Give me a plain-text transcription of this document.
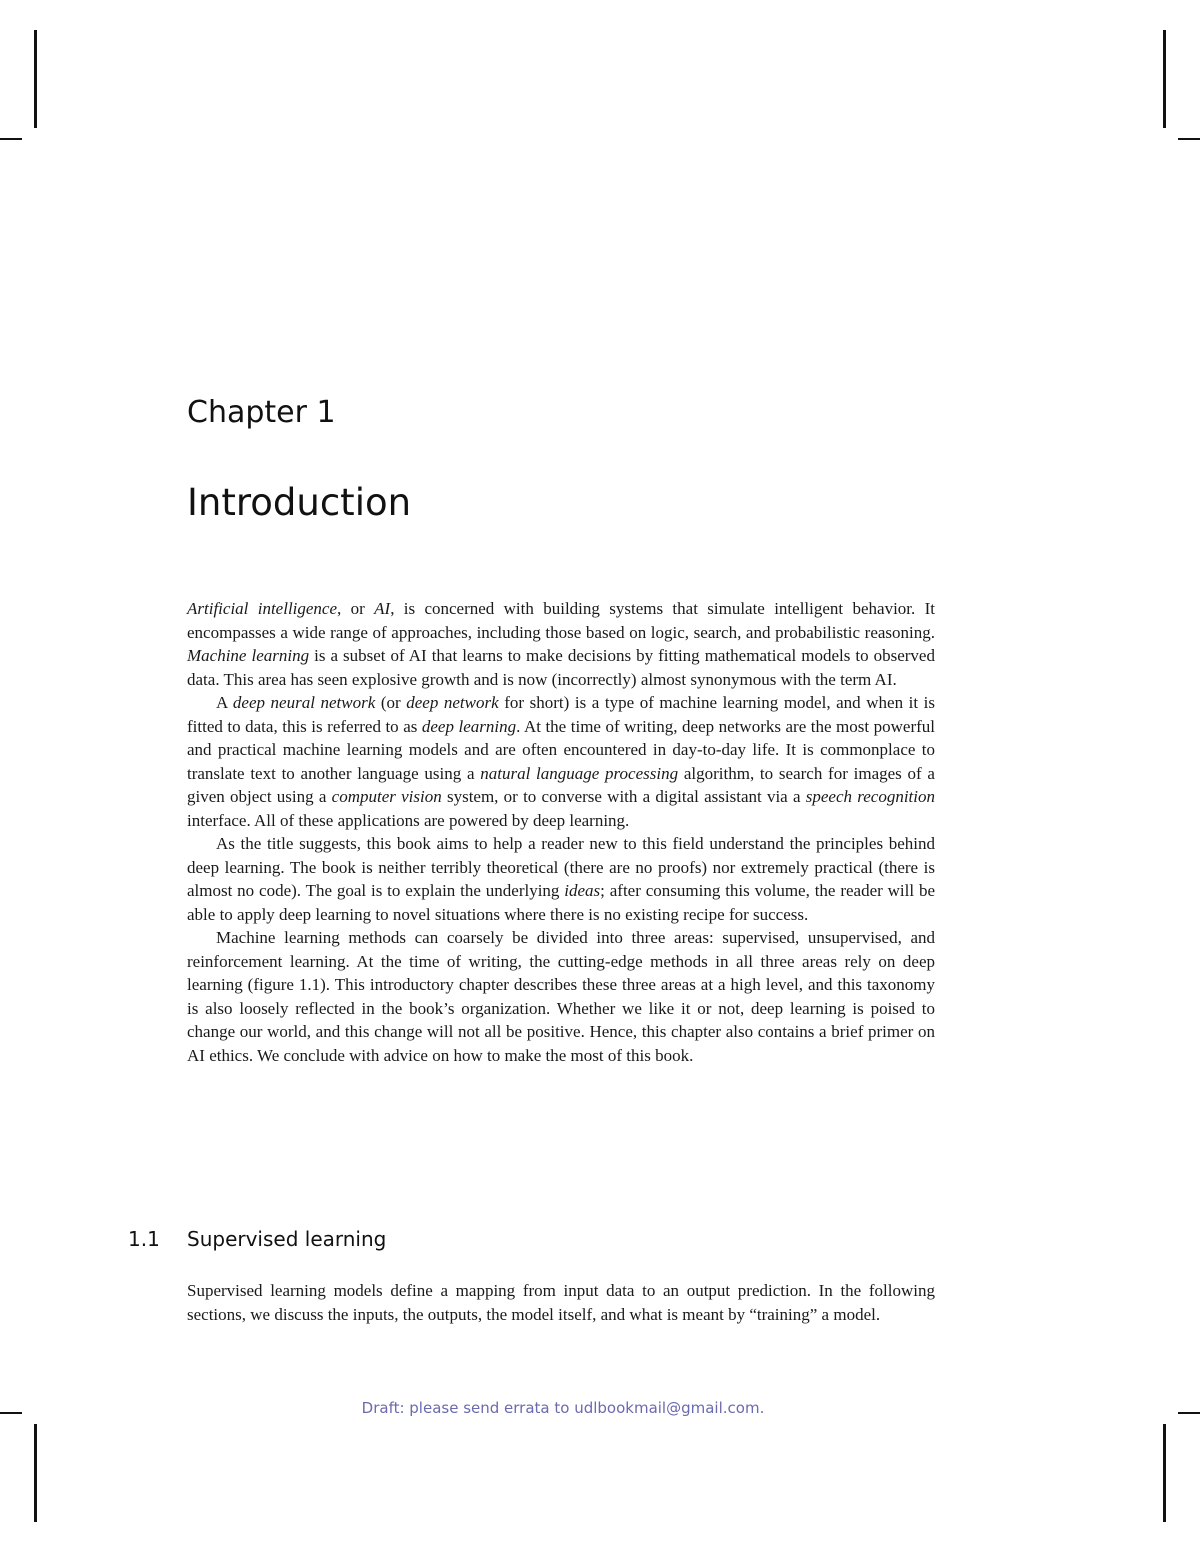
Chapter 1
Introduction

Artificial intelligence, or AI, is concerned with building systems that simulate intelligent behavior. It encompasses a wide range of approaches, including those based on logic, search, and probabilistic reasoning. Machine learning is a subset of AI that learns to make decisions by fitting mathematical models to observed data. This area has seen explosive growth and is now (incorrectly) almost synonymous with the term AI.

A deep neural network (or deep network for short) is a type of machine learning model, and when it is fitted to data, this is referred to as deep learning. At the time of writing, deep networks are the most powerful and practical machine learning models and are often encountered in day-to-day life. It is commonplace to translate text to another language using a natural language processing algorithm, to search for images of a given object using a computer vision system, or to converse with a digital assistant via a speech recognition interface. All of these applications are powered by deep learning.

As the title suggests, this book aims to help a reader new to this field understand the principles behind deep learning. The book is neither terribly theoretical (there are no proofs) nor extremely practical (there is almost no code). The goal is to explain the underlying ideas; after consuming this volume, the reader will be able to apply deep learning to novel situations where there is no existing recipe for success.

Machine learning methods can coarsely be divided into three areas: supervised, unsupervised, and reinforcement learning. At the time of writing, the cutting-edge methods in all three areas rely on deep learning (figure 1.1). This introductory chapter describes these three areas at a high level, and this taxonomy is also loosely reflected in the book’s organization. Whether we like it or not, deep learning is poised to change our world, and this change will not all be positive. Hence, this chapter also contains a brief primer on AI ethics. We conclude with advice on how to make the most of this book.

1.1 Supervised learning

Supervised learning models define a mapping from input data to an output prediction. In the following sections, we discuss the inputs, the outputs, the model itself, and what is meant by “training” a model.

Draft: please send errata to udlbookmail@gmail.com.
